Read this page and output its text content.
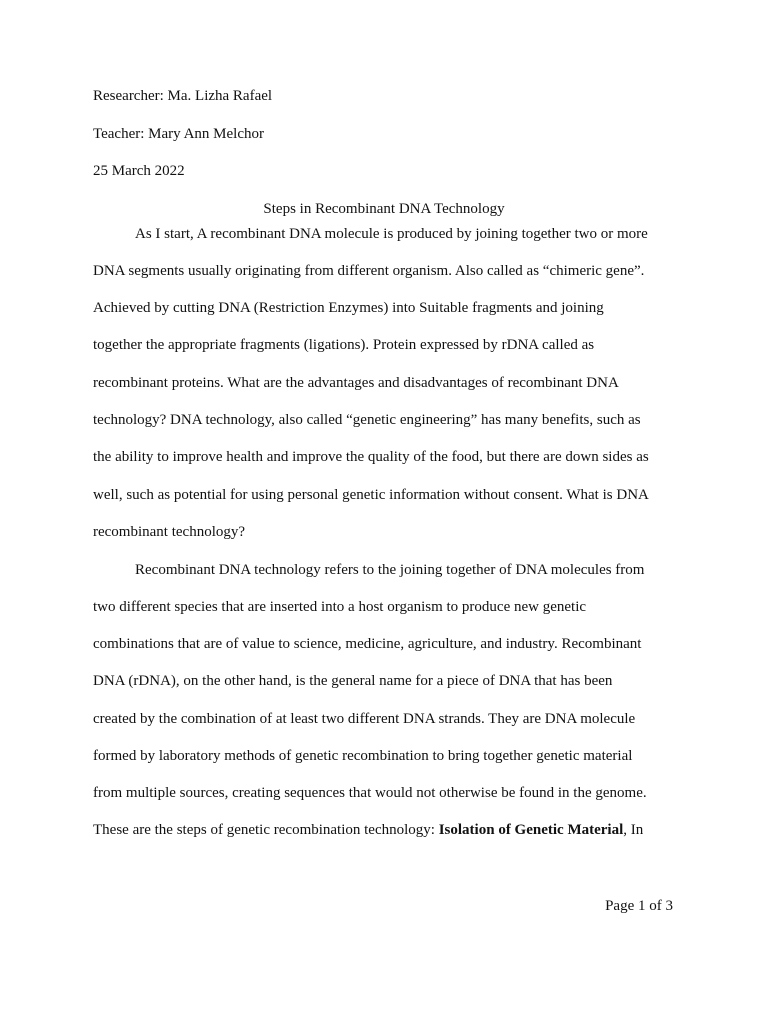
Researcher: Ma. Lizha Rafael
Teacher: Mary Ann Melchor
25 March 2022
Steps in Recombinant DNA Technology
As I start, A recombinant DNA molecule is produced by joining together two or more
DNA segments usually originating from different organism. Also called as “chimeric gene”.
Achieved by cutting DNA (Restriction Enzymes) into Suitable fragments and joining
together the appropriate fragments (ligations). Protein expressed by rDNA called as
recombinant proteins. What are the advantages and disadvantages of recombinant DNA
technology? DNA technology, also called “genetic engineering” has many benefits, such as
the ability to improve health and improve the quality of the food, but there are down sides as
well, such as potential for using personal genetic information without consent. What is DNA
recombinant technology?
Recombinant DNA technology refers to the joining together of DNA molecules from
two different species that are inserted into a host organism to produce new genetic
combinations that are of value to science, medicine, agriculture, and industry. Recombinant
DNA (rDNA), on the other hand, is the general name for a piece of DNA that has been
created by the combination of at least two different DNA strands. They are DNA molecule
formed by laboratory methods of genetic recombination to bring together genetic material
from multiple sources, creating sequences that would not otherwise be found in the genome.
These are the steps of genetic recombination technology: Isolation of Genetic Material, In
Page 1 of 3
